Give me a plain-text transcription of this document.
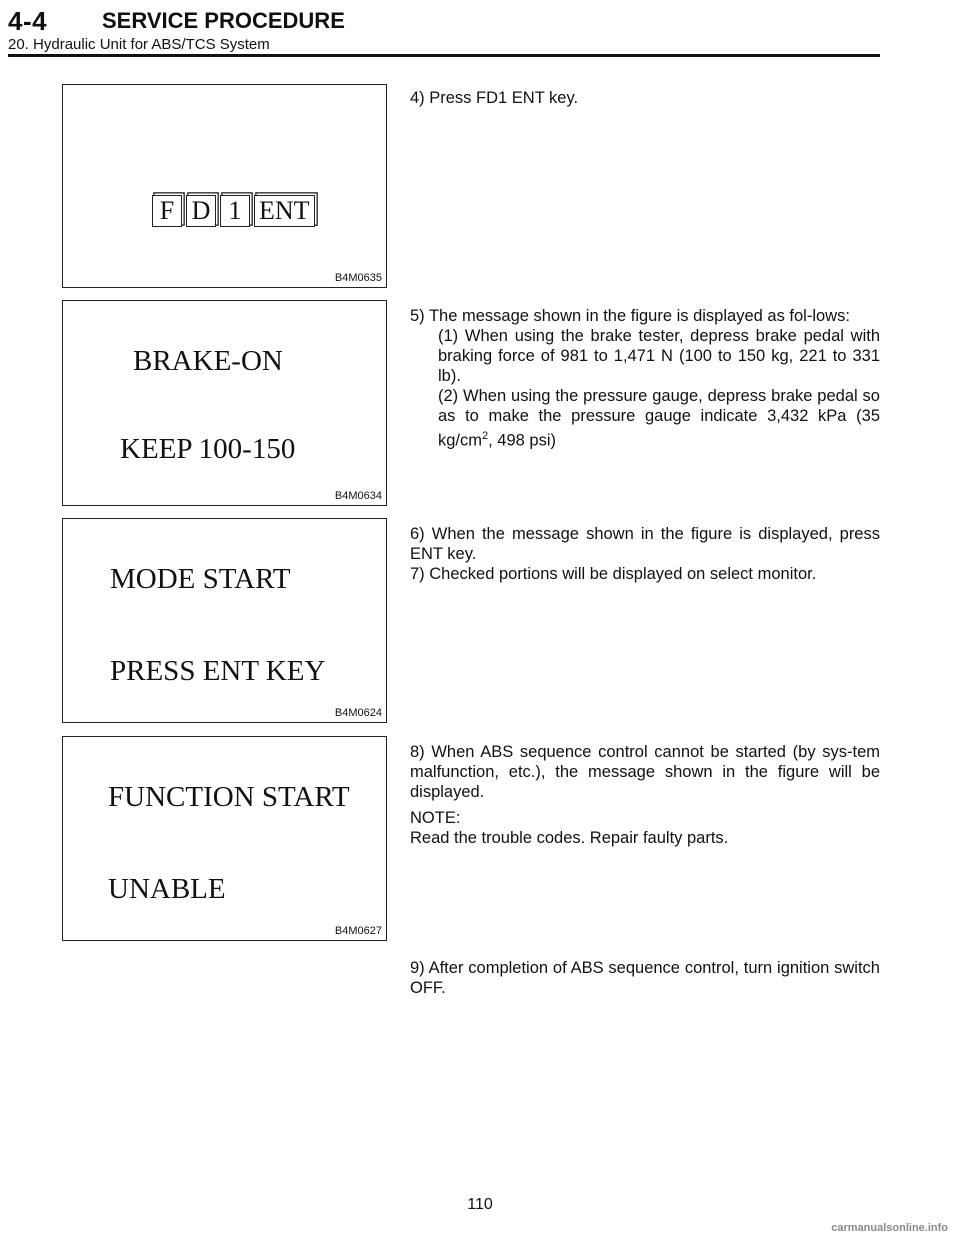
4-4 SERVICE PROCEDURE
20. Hydraulic Unit for ABS/TCS System
F D 1 ENT
B4M0635
BRAKE-ON
KEEP 100-150
B4M0634
MODE START
PRESS ENT KEY
B4M0624
FUNCTION START
UNABLE
B4M0627
4) Press FD1 ENT key.
5) The message shown in the figure is displayed as fol-lows:
(1) When using the brake tester, depress brake pedal with braking force of 981 to 1,471 N (100 to 150 kg, 221 to 331 lb).
(2) When using the pressure gauge, depress brake pedal so as to make the pressure gauge indicate 3,432 kPa (35 $kg/cm^2$, 498 psi)
6) When the message shown in the figure is displayed, press ENT key.
7) Checked portions will be displayed on select monitor.
8) When ABS sequence control cannot be started (by sys-tem malfunction, etc.), the message shown in the figure will be displayed.
NOTE:
Read the trouble codes. Repair faulty parts.
9) After completion of ABS sequence control, turn ignition switch OFF.
110
carmanualsonline.info
